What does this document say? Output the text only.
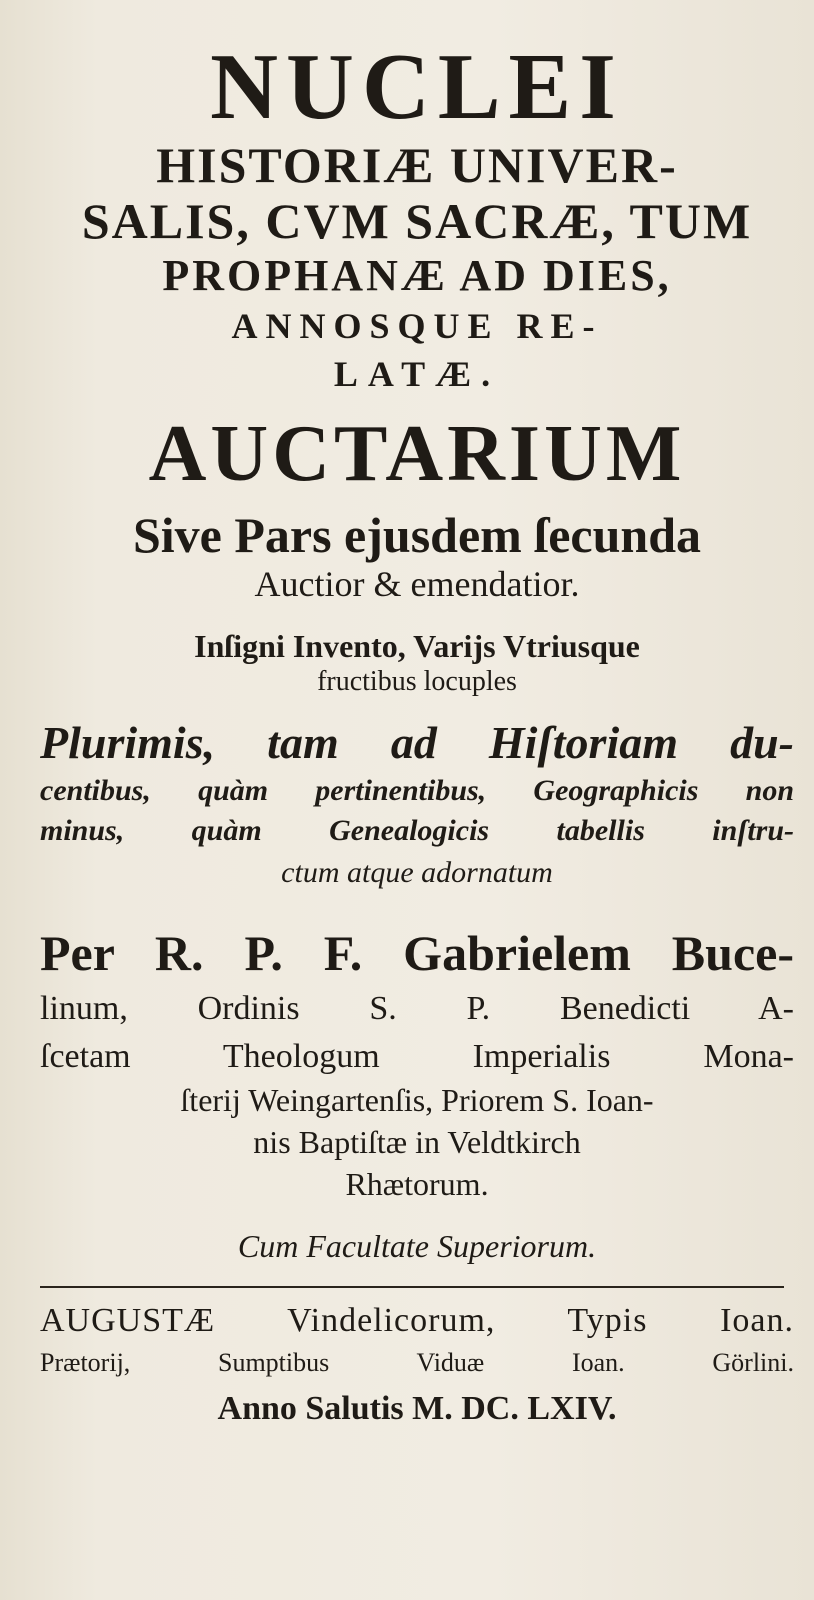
NUCLEI
HISTORIÆ UNIVER-
SALIS, CVM SACRÆ, TUM
PROPHANÆ AD DIES,
ANNOSQUE RE-
LATÆ.
AUCTARIUM
Sive Pars ejusdem ſecunda
Auctior & emendatior.
Inſigni Invento, Varijs Vtriusque
fructibus locuples
Plurimis, tam ad Hiſtoriam du-
centibus, quàm pertinentibus, Geographicis non
minus, quàm Genealogicis tabellis inſtru-
ctum atque adornatum
Per R. P. F. Gabrielem Buce-
linum, Ordinis S. P. Benedicti A-
ſcetam Theologum Imperialis Mona-
ſterij Weingartenſis, Priorem S. Ioan-
nis Baptiſtæ in Veldtkirch
Rhætorum.
Cum Facultate Superiorum.
AUGUSTÆ Vindelicorum, Typis Ioan.
Prætorij, Sumptibus Viduæ Ioan. Görlini.
Anno Salutis M. DC. LXIV.
